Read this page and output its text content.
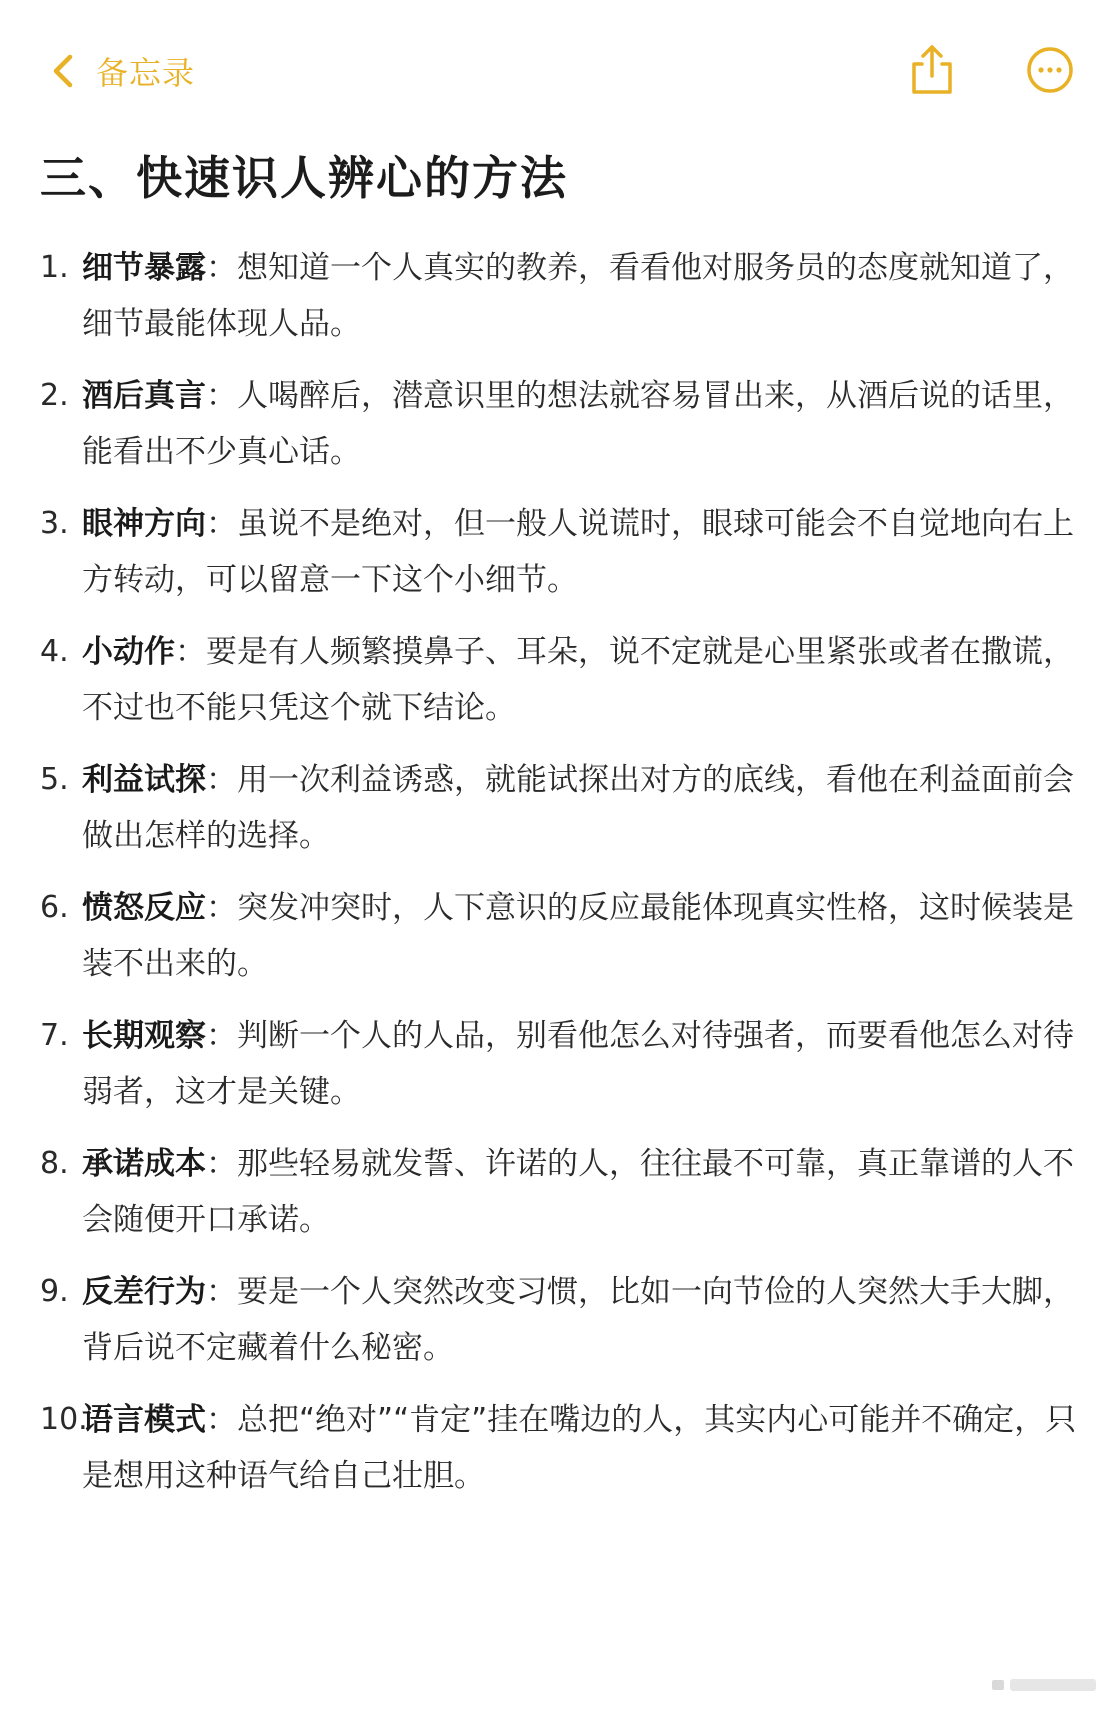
备忘录
三、快速识人辨心的方法
1. 细节暴露：想知道一个人真实的教养，看看他对服务员的态度就知道了，细节最能体现人品。
2. 酒后真言：人喝醉后，潜意识里的想法就容易冒出来，从酒后说的话里，能看出不少真心话。
3. 眼神方向：虽说不是绝对，但一般人说谎时，眼球可能会不自觉地向右上方转动，可以留意一下这个小细节。
4. 小动作：要是有人频繁摸鼻子、耳朵，说不定就是心里紧张或者在撒谎，不过也不能只凭这个就下结论。
5. 利益试探：用一次利益诱惑，就能试探出对方的底线，看他在利益面前会做出怎样的选择。
6. 愤怒反应：突发冲突时，人下意识的反应最能体现真实性格，这时候装是装不出来的。
7. 长期观察：判断一个人的人品，别看他怎么对待强者，而要看他怎么对待弱者，这才是关键。
8. 承诺成本：那些轻易就发誓、许诺的人，往往最不可靠，真正靠谱的人不会随便开口承诺。
9. 反差行为：要是一个人突然改变习惯，比如一向节俭的人突然大手大脚，背后说不定藏着什么秘密。
10.
语言模式：总把“绝对”“肯定”挂在嘴边的人，其实内心可能并不确定，只是想用这种语气给自己壮胆。
